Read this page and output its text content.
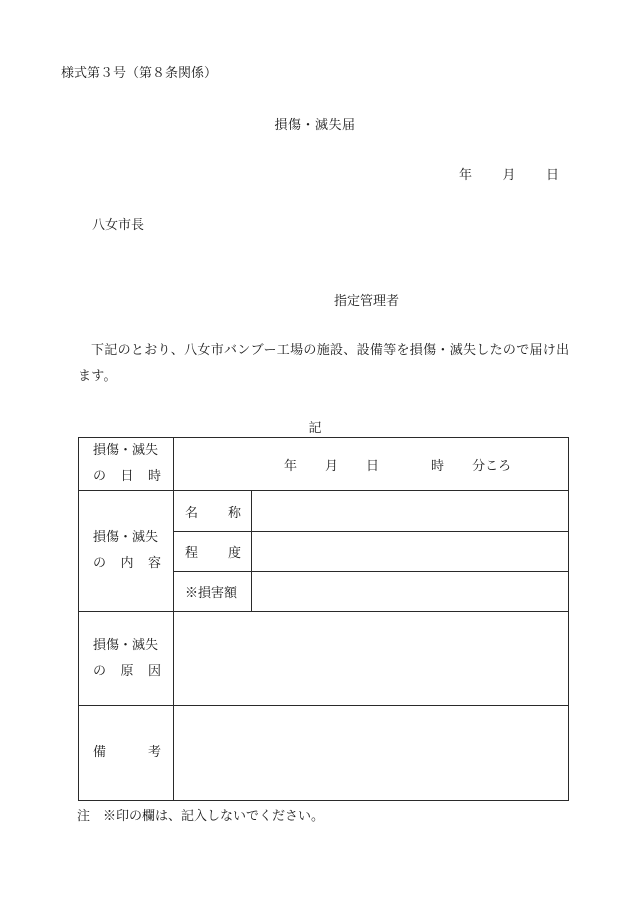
様式第３号（第８条関係）
損傷・滅失届
年 月 日
八女市長
指定管理者
下記のとおり、八女市バンブー工場の施設、設備等を損傷・滅失したので届け出ます。
記
損傷・滅失
の 日 時	年 月 日 時 分ころ	

損傷・滅失
の 内 容	名 称	

	程 度	

	※損害額	

損傷・滅失
の 原 因		

備 考		

注　※印の欄は、記入しないでください。
